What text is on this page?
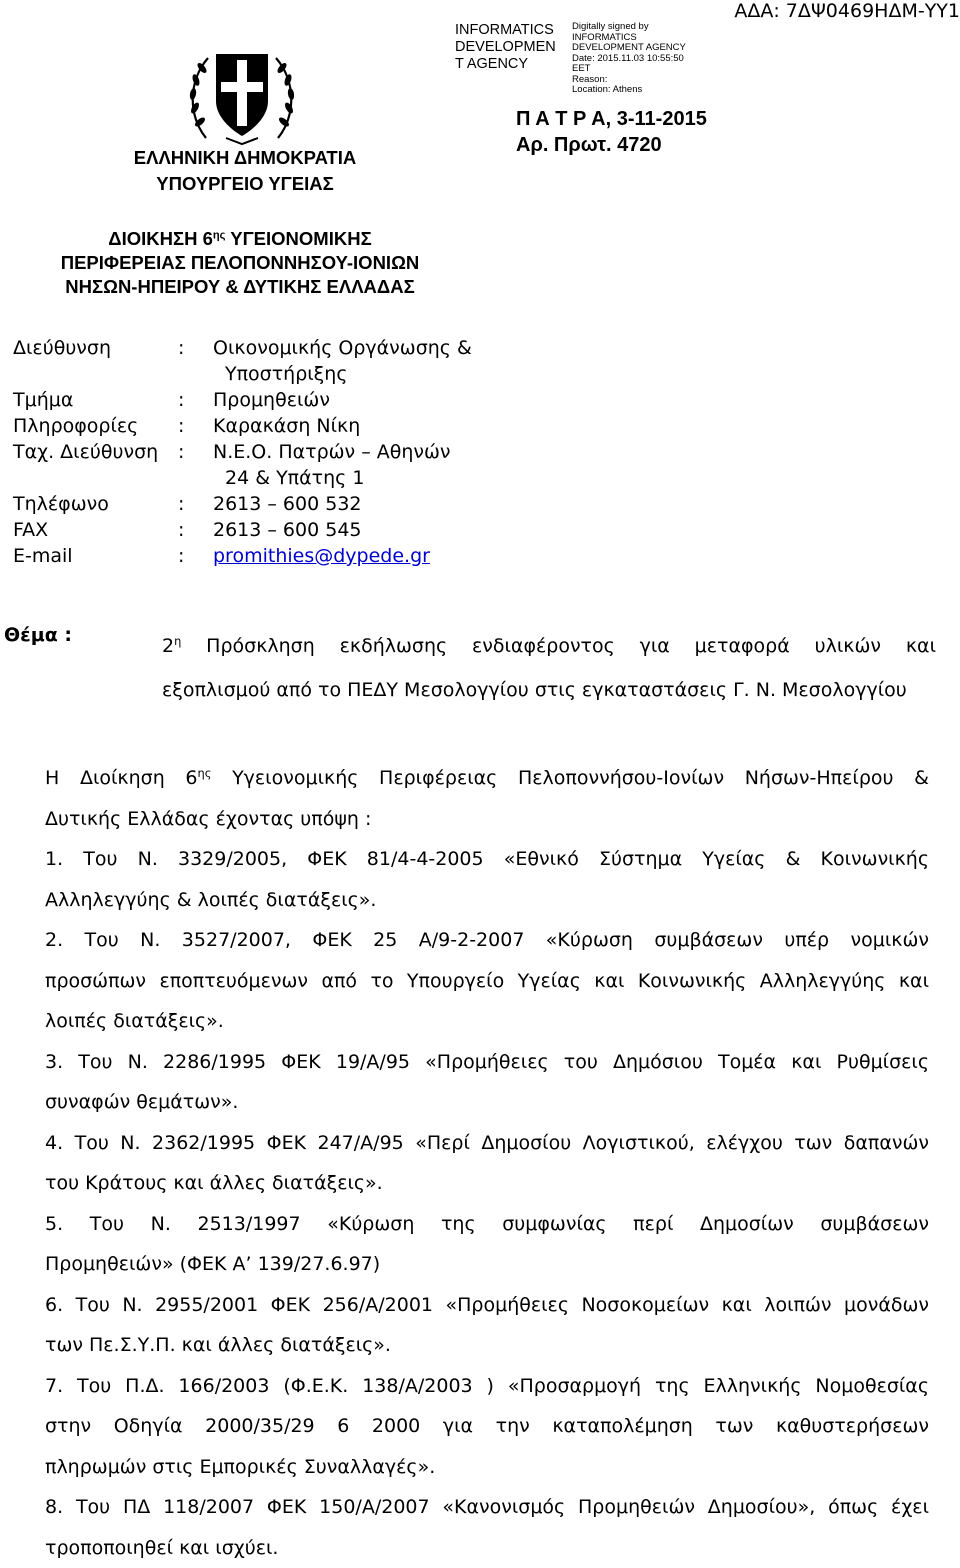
ΑΔΑ: 7ΔΨ0469ΗΔΜ-ΥΥ1
INFORMATICS
DEVELOPMEN
T AGENCY
Digitally signed by
INFORMATICS
DEVELOPMENT AGENCY
Date: 2015.11.03 10:55:50
EET
Reason:
Location: Athens
Π Α Τ Ρ Α, 3-11-2015
Αρ. Πρωτ. 4720
ΕΛΛΗΝΙΚΗ ΔΗΜΟΚΡΑΤΙΑ
ΥΠΟΥΡΓΕΙΟ ΥΓΕΙΑΣ
ΔΙΟΙΚΗΣΗ $6^{\eta\varsigma}$ ΥΓΕΙΟΝΟΜΙΚΗΣ
ΠΕΡΙΦΕΡΕΙΑΣ ΠΕΛΟΠΟΝΝΗΣΟΥ-ΙΟΝΙΩΝ
ΝΗΣΩΝ-ΗΠΕΙΡΟΥ & ΔΥΤΙΚΗΣ ΕΛΛΑΔΑΣ
Διεύθυνση	:	Οικονομικής Οργάνωσης &
Υποστήριξης
Τμήμα	:	Προμηθειών
Πληροφορίες	:	Καρακάση Νίκη
Ταχ. Διεύθυνση	:	Ν.Ε.Ο. Πατρών – Αθηνών
24 & Υπάτης 1
Τηλέφωνο	:	2613 – 600 532
FAX	:	2613 – 600 545
E-mail	:	promithies@dypede.gr
Θέμα :	$2^\eta$ Πρόσκληση εκδήλωσης ενδιαφέροντος για μεταφορά υλικών και
εξοπλισμού από το ΠΕΔΥ Μεσολογγίου στις εγκαταστάσεις Γ. Ν. Μεσολογγίου
Η Διοίκηση $6^{\eta\varsigma}$ Υγειονομικής Περιφέρειας Πελοποννήσου-Ιονίων Νήσων-Ηπείρου &
Δυτικής Ελλάδας έχοντας υπόψη :
1. Του Ν. 3329/2005, ΦΕΚ 81/4-4-2005 «Εθνικό Σύστημα Υγείας & Κοινωνικής
Αλληλεγγύης & λοιπές διατάξεις».
2. Του Ν. 3527/2007, ΦΕΚ 25 Α/9-2-2007 «Κύρωση συμβάσεων υπέρ νομικών
προσώπων εποπτευόμενων από το Υπουργείο Υγείας και Κοινωνικής Αλληλεγγύης και
λοιπές διατάξεις».
3. Του Ν. 2286/1995 ΦΕΚ 19/Α/95 «Προμήθειες του Δημόσιου Τομέα και Ρυθμίσεις
συναφών θεμάτων».
4. Του Ν. 2362/1995 ΦΕΚ 247/Α/95 «Περί Δημοσίου Λογιστικού, ελέγχου των δαπανών
του Κράτους και άλλες διατάξεις».
5. Του Ν. 2513/1997 «Κύρωση της συμφωνίας περί Δημοσίων συμβάσεων
Προμηθειών» (ΦΕΚ Α’ 139/27.6.97)
6. Του Ν. 2955/2001 ΦΕΚ 256/Α/2001 «Προμήθειες Νοσοκομείων και λοιπών μονάδων
των Πε.Σ.Υ.Π. και άλλες διατάξεις».
7. Του Π.Δ. 166/2003 (Φ.Ε.Κ. 138/Α/2003 ) «Προσαρμογή της Ελληνικής Νομοθεσίας
στην Οδηγία 2000/35/29 6 2000 για την καταπολέμηση των καθυστερήσεων
πληρωμών στις Εμπορικές Συναλλαγές».
8. Του ΠΔ 118/2007 ΦΕΚ 150/Α/2007 «Κανονισμός Προμηθειών Δημοσίου», όπως έχει
τροποποιηθεί και ισχύει.
